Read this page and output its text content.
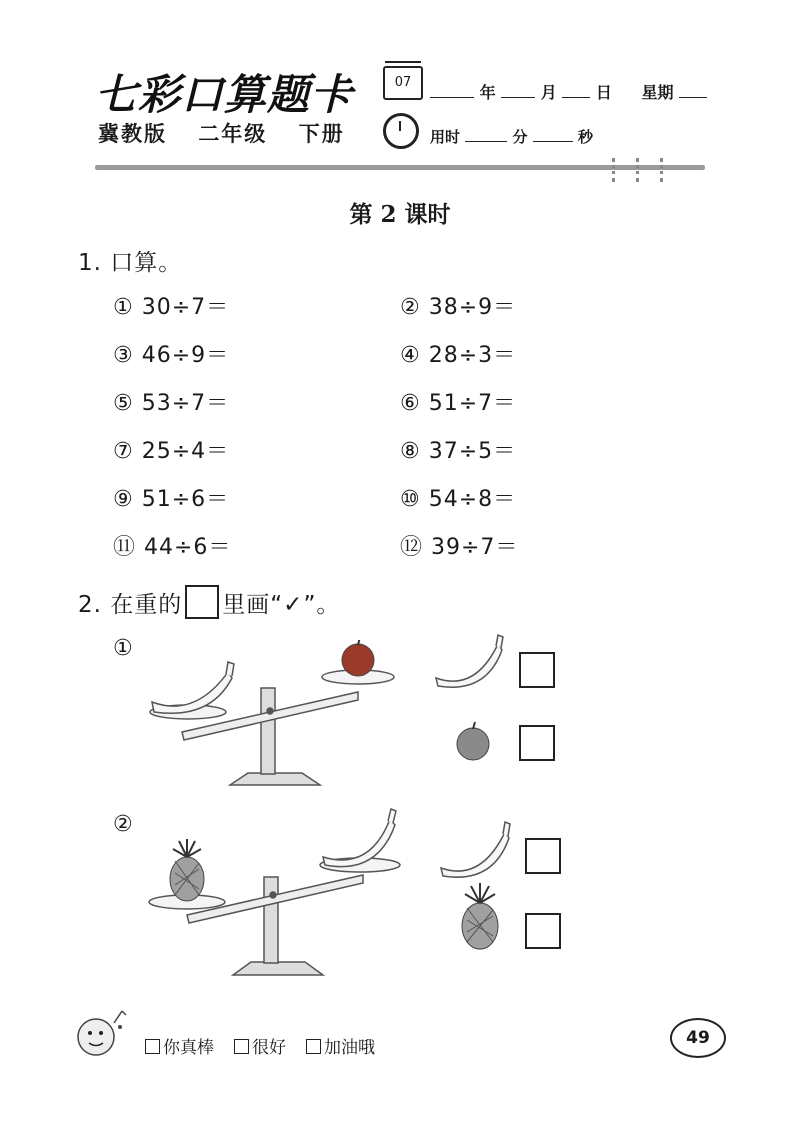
七彩口算题卡
冀教版 二年级 下册
07
年	月 日 星期
用时	分	秒
第 2 课时
1. 口算。
① 30÷7＝	② 38÷9＝
③ 46÷9＝	④ 28÷3＝
⑤ 53÷7＝	⑥ 51÷7＝
⑦ 25÷4＝	⑧ 37÷5＝
⑨ 51÷6＝	⑩ 54÷8＝
⑪ 44÷6＝	⑫ 39÷7＝
2. 在重的 里画“✓”。
①
②
你真棒	很好	加油哦	49
